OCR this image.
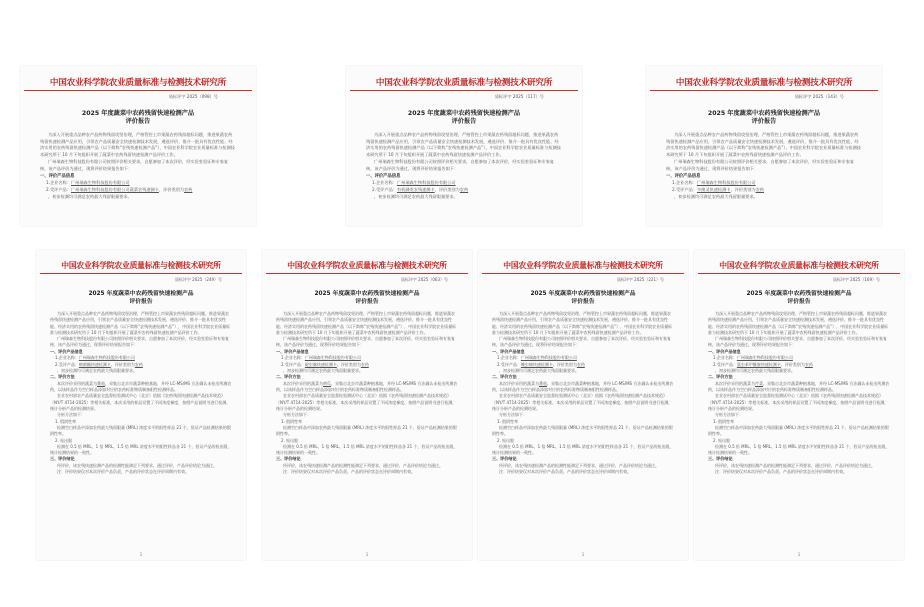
中国农业科学院农业质量标准与检测技术研究所
质标评字 2025（098）号
2025 年度蔬菜中农药残留快速检测产品
评价报告

为深入开展重点品种农产品药物残留攻坚治理，严格管控上市果蔬农药残留超标问题，推进果蔬农药残留快速检测产品应用，引领农产品质量安全快速检测技术发展，遴选评价、推介一批具有优良性能、经济实用的农药残留快速检测产品（以下简称“农残快速检测产品”），中国农业科学院农业质量标准与检测技术研究所于 10 月下旬组织开展了蔬菜中农药残留快速检测产品评价工作。

广州瑞森生物科技股份有限公司按照评价相关要求，自愿参加了本次评价，经实验室验证和专家复核，该产品评价为通过，现将评价结果报告如下：

一、评价产品信息
1.企业名称：广州瑞森生物科技股份有限公司
2.受评产品：广州瑞森生物科技股份有限公司蔬菜农残速测卡，评价类别为农药

，初步检测均可满足农药最大残留限量要求。

中国农业科学院农业质量标准与检测技术研究所
质标评字 2025（117）号
2025 年度蔬菜中农药残留快速检测产品
评价报告

为深入开展重点品种农产品药物残留攻坚治理，严格管控上市果蔬农药残留超标问题，推进果蔬农药残留快速检测产品应用，引领农产品质量安全快速检测技术发展，遴选评价、推介一批具有优良性能、经济实用的农药残留快速检测产品（以下简称“农残快速检测产品”），中国农业科学院农业质量标准与检测技术研究所于 10 月下旬组织开展了蔬菜中农药残留快速检测产品评价工作。

广州瑞森生物科技股份有限公司按照评价相关要求，自愿参加了本次评价，经实验室验证和专家复核，该产品评价为通过，现将评价结果报告如下：

一、评价产品信息
1.企业名称：广州瑞森生物科技股份有限公司
2.受评产品：有机磷类农残速测卡，评价类别为农药

，初步检测均可满足农药最大残留限量要求。

中国农业科学院农业质量标准与检测技术研究所
质标评字 2025（143）号
2025 年度蔬菜中农药残留快速检测产品
评价报告

为深入开展重点品种农产品药物残留攻坚治理，严格管控上市果蔬农药残留超标问题，推进果蔬农药残留快速检测产品应用，引领农产品质量安全快速检测技术发展，遴选评价、推介一批具有优良性能、经济实用的农药残留快速检测产品（以下简称“农残快速检测产品”），中国农业科学院农业质量标准与检测技术研究所于 10 月下旬组织开展了蔬菜中农药残留快速检测产品评价工作。

广州瑞森生物科技股份有限公司按照评价相关要求，自愿参加了本次评价，经实验室验证和专家复核，该产品评价为通过，现将评价结果报告如下：

一、评价产品信息
1.企业名称：广州瑞森生物科技股份有限公司
2.受评产品：多菌灵快速检测卡，评价类别为农药

，初步检测均可满足农药最大残留限量要求。

中国农业科学院农业质量标准与检测技术研究所
质标评字 2025（249）号
2025 年度蔬菜中农药残留快速检测产品
评价报告

为深入开展重点品种农产品药物残留攻坚治理，严格管控上市果蔬农药残留超标问题，推进果蔬农药残留快速检测产品应用，引领农产品质量安全快速检测技术发展，遴选评价、推介一批具有优良性能、经济实用的农药残留快速检测产品（以下简称“农残快速检测产品”），中国农业科学院农业质量标准与检测技术研究所于 10 月下旬组织开展了蔬菜中农药残留快速检测产品评价工作。

广州瑞森生物科技股份有限公司按照评价相关要求，自愿参加了本次评价，经实验室验证和专家复核，该产品评价为通过，现将评价结果报告如下：

一、评价产品信息
1.企业名称：广州瑞森生物科技股份有限公司
2.受评产品：嘧菌酯快速检测卡，评价类别为农药

，初步检测均可满足农药最大残留限量要求。

二、评价方法

本次评价采用的蔬菜为番茄，采集自北京市蔬菜种植基地，并经 LC-MS/MS 方法确认未检出所测农药，以该样品作为空白样品添加对应的农药标准物质制备阳性检测样品。

农业农村部农产品质量安全监督检验测试中心（北京）依据《农药残留快速检测产品技术规范》（NY/T 4714-2025）等相关标准，本次采用的样品设置了不同浓度梯度，按照产品说明书进行检测，统计分析产品的检测结果。

分析方法如下：

1. 假阴性率

检测空白样品中添加农药最大残留限量 (MRL) 浓度水平的阳性样品 21 个，验证产品检测结果的假阴性率。

2. 检出限

检测在 0.5 倍 MRL、1 倍 MRL、1.5 倍 MRL 浓度水平的阳性样品各 21 个，验证产品的检出限，统计检测结果的一致性。

三、评价结论

经评价，该农残快速检测产品的检测性能满足下列要求，通过评价，产品评价结论为通过。

注：评价结果仅对本次评价产品负责，产品的评价状态在评价周期内有效。

1
中国农业科学院农业质量标准与检测技术研究所
质标评字 2025（063）号
2025 年度蔬菜中农药残留快速检测产品
评价报告

为深入开展重点品种农产品药物残留攻坚治理，严格管控上市果蔬农药残留超标问题，推进果蔬农药残留快速检测产品应用，引领农产品质量安全快速检测技术发展，遴选评价、推介一批具有优良性能、经济实用的农药残留快速检测产品（以下简称“农残快速检测产品”），中国农业科学院农业质量标准与检测技术研究所于 10 月下旬组织开展了蔬菜中农药残留快速检测产品评价工作。

广州瑞森生物科技股份有限公司按照评价相关要求，自愿参加了本次评价，经实验室验证和专家复核，该产品评价为通过，现将评价结果报告如下：

一、评价产品信息
1.企业名称：广州瑞森生物科技股份有限公司
2.受评产品：啶虫脒快速检测卡，评价类别为农药

，初步检测均可满足农药最大残留限量要求。

二、评价方法

本次评价采用的蔬菜为黄瓜，采集自北京市蔬菜种植基地，并经 LC-MS/MS 方法确认未检出所测农药，以该样品作为空白样品添加对应的农药标准物质制备阳性检测样品。

农业农村部农产品质量安全监督检验测试中心（北京）依据《农药残留快速检测产品技术规范》（NY/T 4714-2025）等相关标准，本次采用的样品设置了不同浓度梯度，按照产品说明书进行检测，统计分析产品的检测结果。

分析方法如下：

1. 假阴性率

检测空白样品中添加农药最大残留限量 (MRL) 浓度水平的阳性样品 21 个，验证产品检测结果的假阴性率。

2. 检出限

检测在 0.5 倍 MRL、1 倍 MRL、1.5 倍 MRL 浓度水平的阳性样品各 21 个，验证产品的检出限，统计检测结果的一致性。

三、评价结论

经评价，该农残快速检测产品的检测性能满足下列要求，通过评价，产品评价结论为通过。

注：评价结果仅对本次评价产品负责，产品的评价状态在评价周期内有效。

1
中国农业科学院农业质量标准与检测技术研究所
质标评字 2025（221）号
2025 年度蔬菜中农药残留快速检测产品
评价报告

为深入开展重点品种农产品药物残留攻坚治理，严格管控上市果蔬农药残留超标问题，推进果蔬农药残留快速检测产品应用，引领农产品质量安全快速检测技术发展，遴选评价、推介一批具有优良性能、经济实用的农药残留快速检测产品（以下简称“农残快速检测产品”），中国农业科学院农业质量标准与检测技术研究所于 10 月下旬组织开展了蔬菜中农药残留快速检测产品评价工作。

广州瑞森生物科技股份有限公司按照评价相关要求，自愿参加了本次评价，经实验室验证和专家复核，该产品评价为通过，现将评价结果报告如下：

一、评价产品信息
1.企业名称：广州瑞森生物科技股份有限公司
2.受评产品：噻虫嗪快速检测卡，评价类别为农药

，初步检测均可满足农药最大残留限量要求。

二、评价方法

本次评价采用的蔬菜为番茄，采集自北京市蔬菜种植基地，并经 LC-MS/MS 方法确认未检出所测农药，以该样品作为空白样品添加对应的农药标准物质制备阳性检测样品。

农业农村部农产品质量安全监督检验测试中心（北京）依据《农药残留快速检测产品技术规范》（NY/T 4714-2025）等相关标准，本次采用的样品设置了不同浓度梯度，按照产品说明书进行检测，统计分析产品的检测结果。

分析方法如下：

1. 假阴性率

检测空白样品中添加农药最大残留限量 (MRL) 浓度水平的阳性样品 21 个，验证产品检测结果的假阴性率。

2. 检出限

检测在 0.5 倍 MRL、1 倍 MRL、1.5 倍 MRL 浓度水平的阳性样品各 21 个，验证产品的检出限，统计检测结果的一致性。

三、评价结论

经评价，该农残快速检测产品的检测性能满足下列要求，通过评价，产品评价结论为通过。

注：评价结果仅对本次评价产品负责，产品的评价状态在评价周期内有效。

1
中国农业科学院农业质量标准与检测技术研究所
质标评字 2025（169）号
2025 年度蔬菜中农药残留快速检测产品
评价报告

为深入开展重点品种农产品药物残留攻坚治理，严格管控上市果蔬农药残留超标问题，推进果蔬农药残留快速检测产品应用，引领农产品质量安全快速检测技术发展，遴选评价、推介一批具有优良性能、经济实用的农药残留快速检测产品（以下简称“农残快速检测产品”），中国农业科学院农业质量标准与检测技术研究所于 10 月下旬组织开展了蔬菜中农药残留快速检测产品评价工作。

广州瑞森生物科技股份有限公司按照评价相关要求，自愿参加了本次评价，经实验室验证和专家复核，该产品评价为通过，现将评价结果报告如下：

一、评价产品信息
1.企业名称：广州瑞森生物科技股份有限公司
2.受评产品：氯虫苯甲酰胺快速检测卡，评价类别为农药

，初步检测均可满足农药最大残留限量要求。

二、评价方法

本次评价采用的蔬菜为芹菜，采集自北京市蔬菜种植基地，并经 LC-MS/MS 方法确认未检出所测农药，以该样品作为空白样品添加对应的农药标准物质制备阳性检测样品。

农业农村部农产品质量安全监督检验测试中心（北京）依据《农药残留快速检测产品技术规范》（NY/T 4714-2025）等相关标准，本次采用的样品设置了不同浓度梯度，按照产品说明书进行检测，统计分析产品的检测结果。

分析方法如下：

1. 假阴性率

检测空白样品中添加农药最大残留限量 (MRL) 浓度水平的阳性样品 21 个，验证产品检测结果的假阴性率。

2. 检出限

检测在 0.5 倍 MRL、1 倍 MRL、1.5 倍 MRL 浓度水平的阳性样品各 21 个，验证产品的检出限，统计检测结果的一致性。

三、评价结论

经评价，该农残快速检测产品的检测性能满足下列要求，通过评价，产品评价结论为通过。

注：评价结果仅对本次评价产品负责，产品的评价状态在评价周期内有效。

1
